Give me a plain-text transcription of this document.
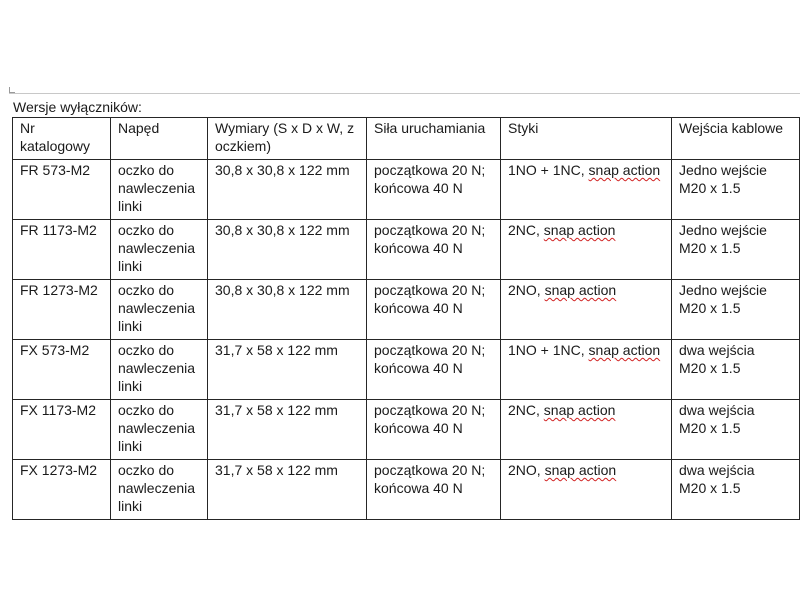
Wersje wyłączników:
Nr katalogowy	Napęd	Wymiary (S x D x W, z oczkiem)	Siła uruchamiania	Styki	Wejścia kablowe
FR 573-M2	oczko do nawleczenia linki	30,8 x 30,8 x 122 mm	początkowa 20 N;
końcowa 40 N	1NO + 1NC, snap action	Jedno wejście
M20 x 1.5

FR 1173-M2	oczko do nawleczenia linki	30,8 x 30,8 x 122 mm	początkowa 20 N;
końcowa 40 N	2NC, snap action	Jedno wejście
M20 x 1.5

FR 1273-M2	oczko do nawleczenia linki	30,8 x 30,8 x 122 mm	początkowa 20 N;
końcowa 40 N	2NO, snap action	Jedno wejście
M20 x 1.5

FX 573-M2	oczko do nawleczenia linki	31,7 x 58 x 122 mm	początkowa 20 N;
końcowa 40 N	1NO + 1NC, snap action	dwa wejścia
M20 x 1.5

FX 1173-M2	oczko do nawleczenia linki	31,7 x 58 x 122 mm	początkowa 20 N;
końcowa 40 N	2NC, snap action	dwa wejścia
M20 x 1.5

FX 1273-M2	oczko do nawleczenia linki	31,7 x 58 x 122 mm	początkowa 20 N;
końcowa 40 N	2NO, snap action	dwa wejścia
M20 x 1.5
